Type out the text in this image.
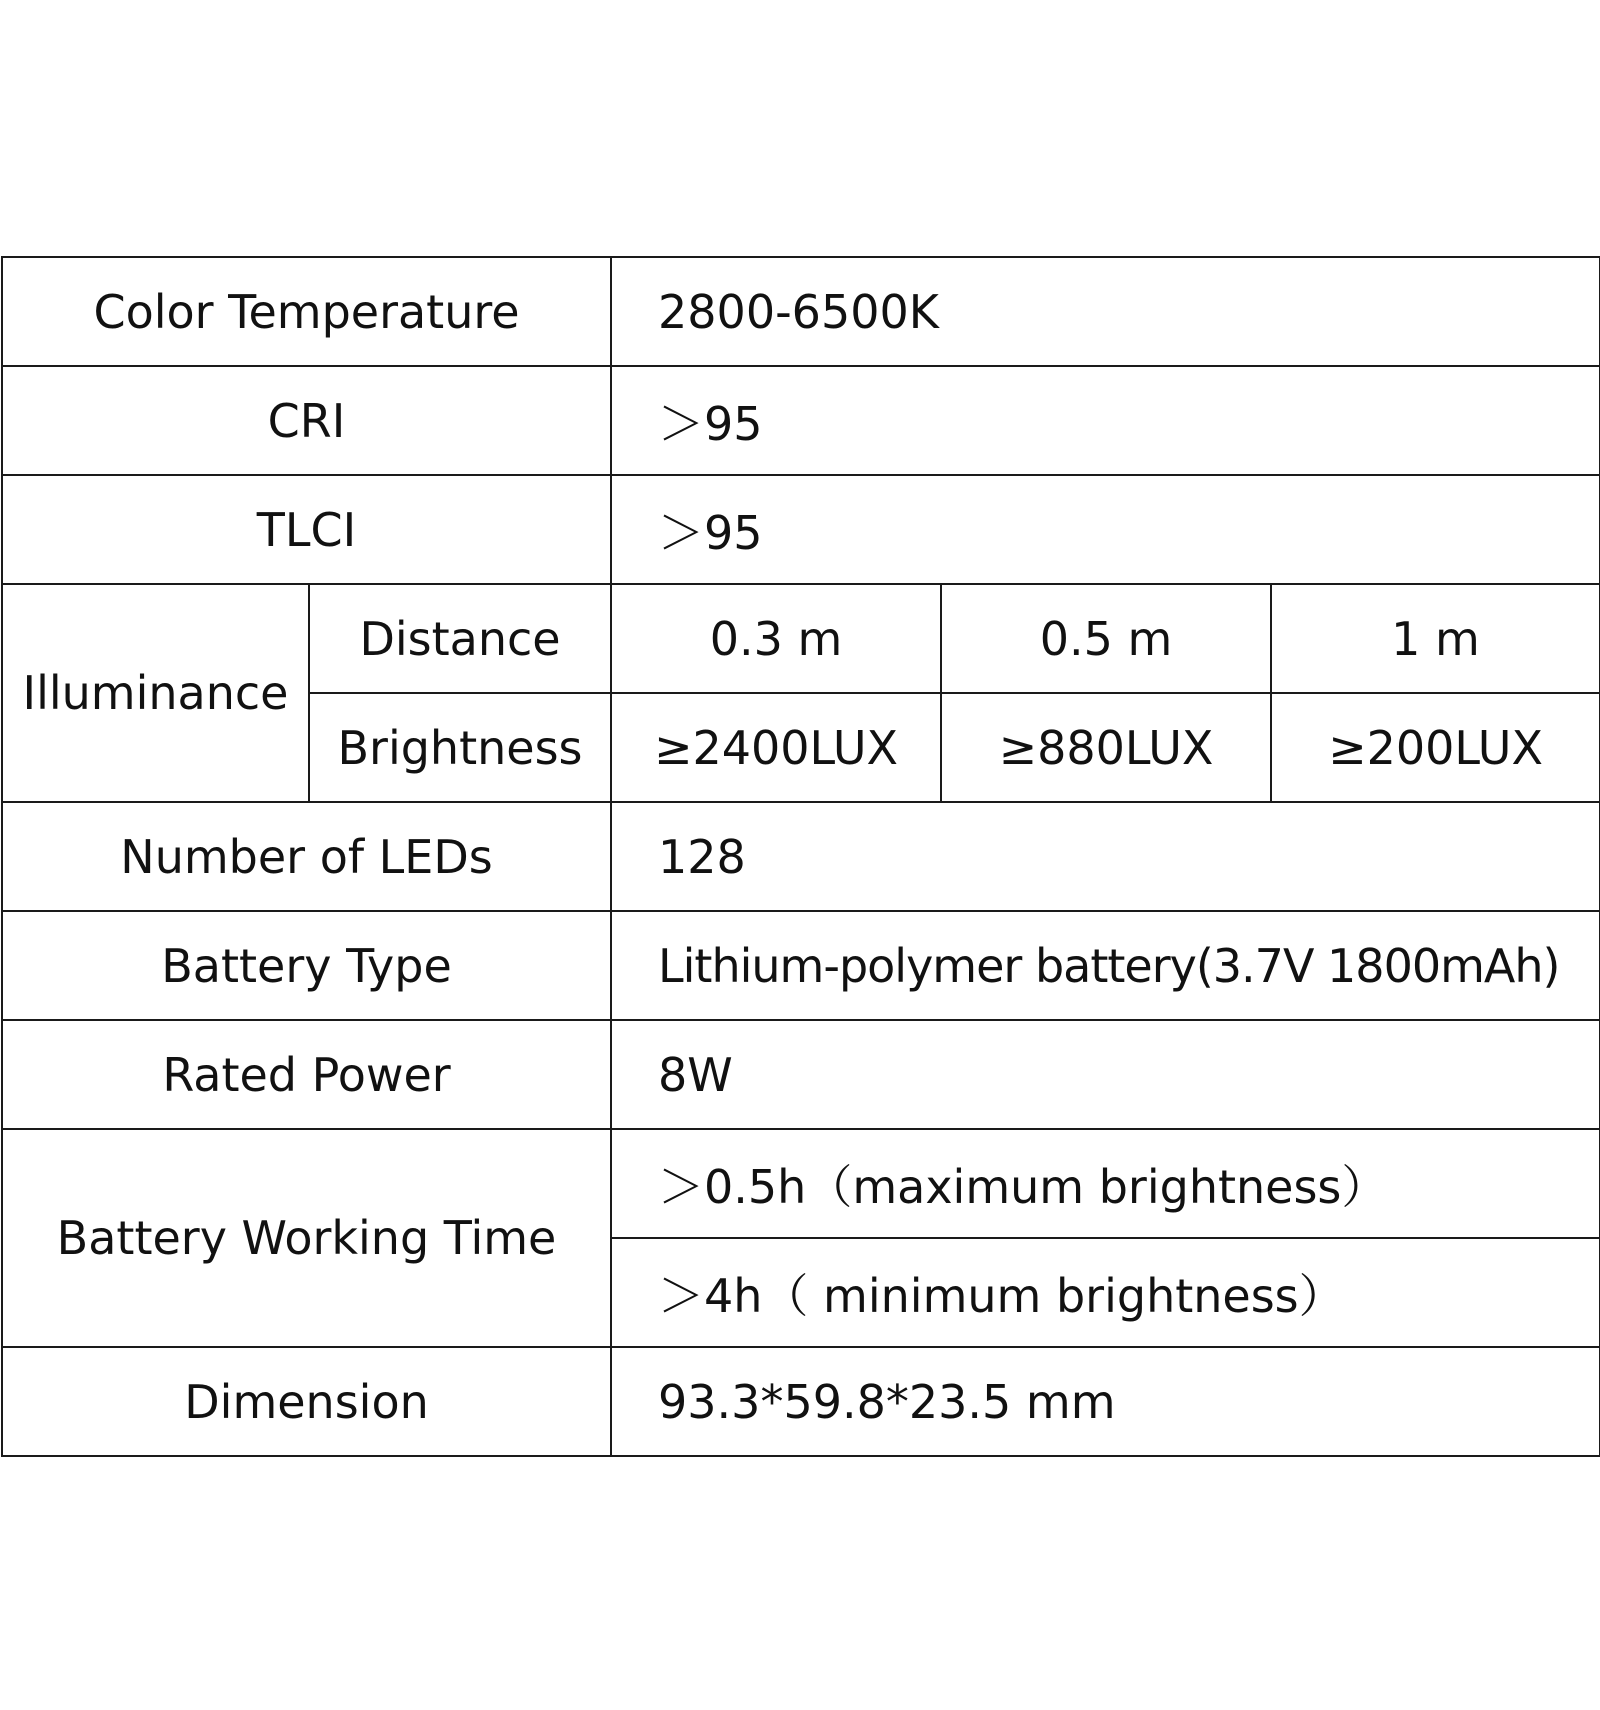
Color Temperature		2800-6500K		
CRI		＞95		
TLCI		＞95		
Illuminance	Distance	0.3 m	0.5 m	1 m
	Brightness	≥2400LUX	≥880LUX	≥200LUX
Number of LEDs		128		
Battery Type		Lithium-polymer battery(3.7V 1800mAh)		
Rated Power		8W		
Battery Working Time		＞0.5h（maximum brightness）		
		＞4h（ minimum brightness）		
Dimension		93.3*59.8*23.5 mm		
